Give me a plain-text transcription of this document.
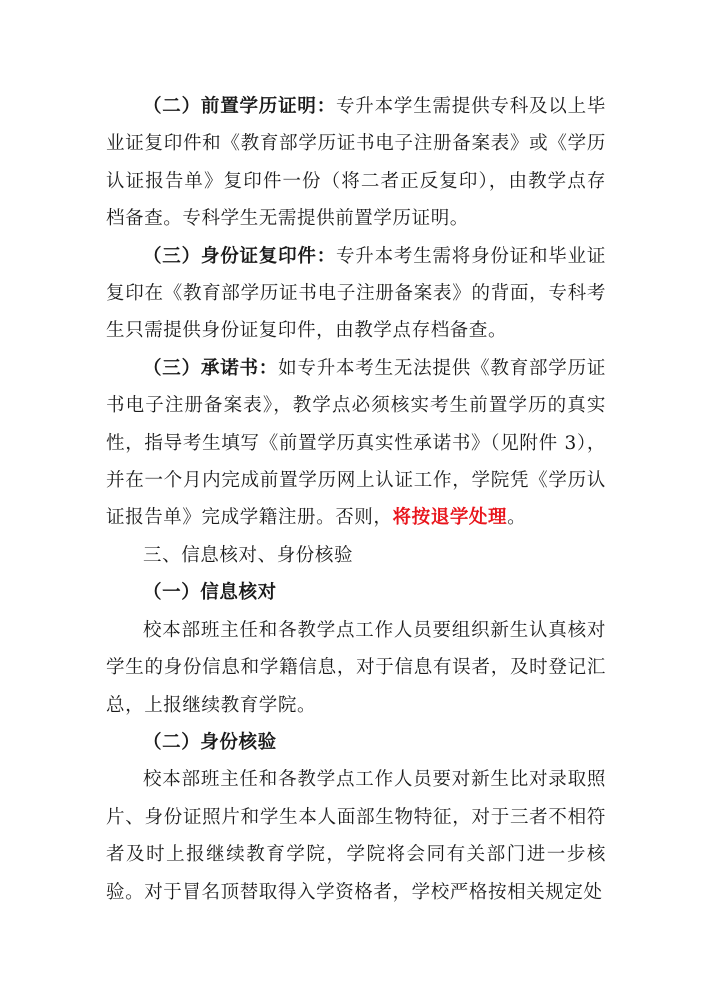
（二）前置学历证明：专升本学生需提供专科及以上毕业证复印件和《教育部学历证书电子注册备案表》或《学历认证报告单》复印件一份（将二者正反复印），由教学点存档备查。专科学生无需提供前置学历证明。

（三）身份证复印件：专升本考生需将身份证和毕业证复印在《教育部学历证书电子注册备案表》的背面，专科考生只需提供身份证复印件，由教学点存档备查。

（三）承诺书：如专升本考生无法提供《教育部学历证书电子注册备案表》，教学点必须核实考生前置学历的真实性，指导考生填写《前置学历真实性承诺书》（见附件 3），并在一个月内完成前置学历网上认证工作，学院凭《学历认证报告单》完成学籍注册。否则，将按退学处理。

三、信息核对、身份核验

（一）信息核对

校本部班主任和各教学点工作人员要组织新生认真核对学生的身份信息和学籍信息，对于信息有误者，及时登记汇总，上报继续教育学院。

（二）身份核验

校本部班主任和各教学点工作人员要对新生比对录取照片、身份证照片和学生本人面部生物特征，对于三者不相符者及时上报继续教育学院，学院将会同有关部门进一步核验。对于冒名顶替取得入学资格者，学校严格按相关规定处
